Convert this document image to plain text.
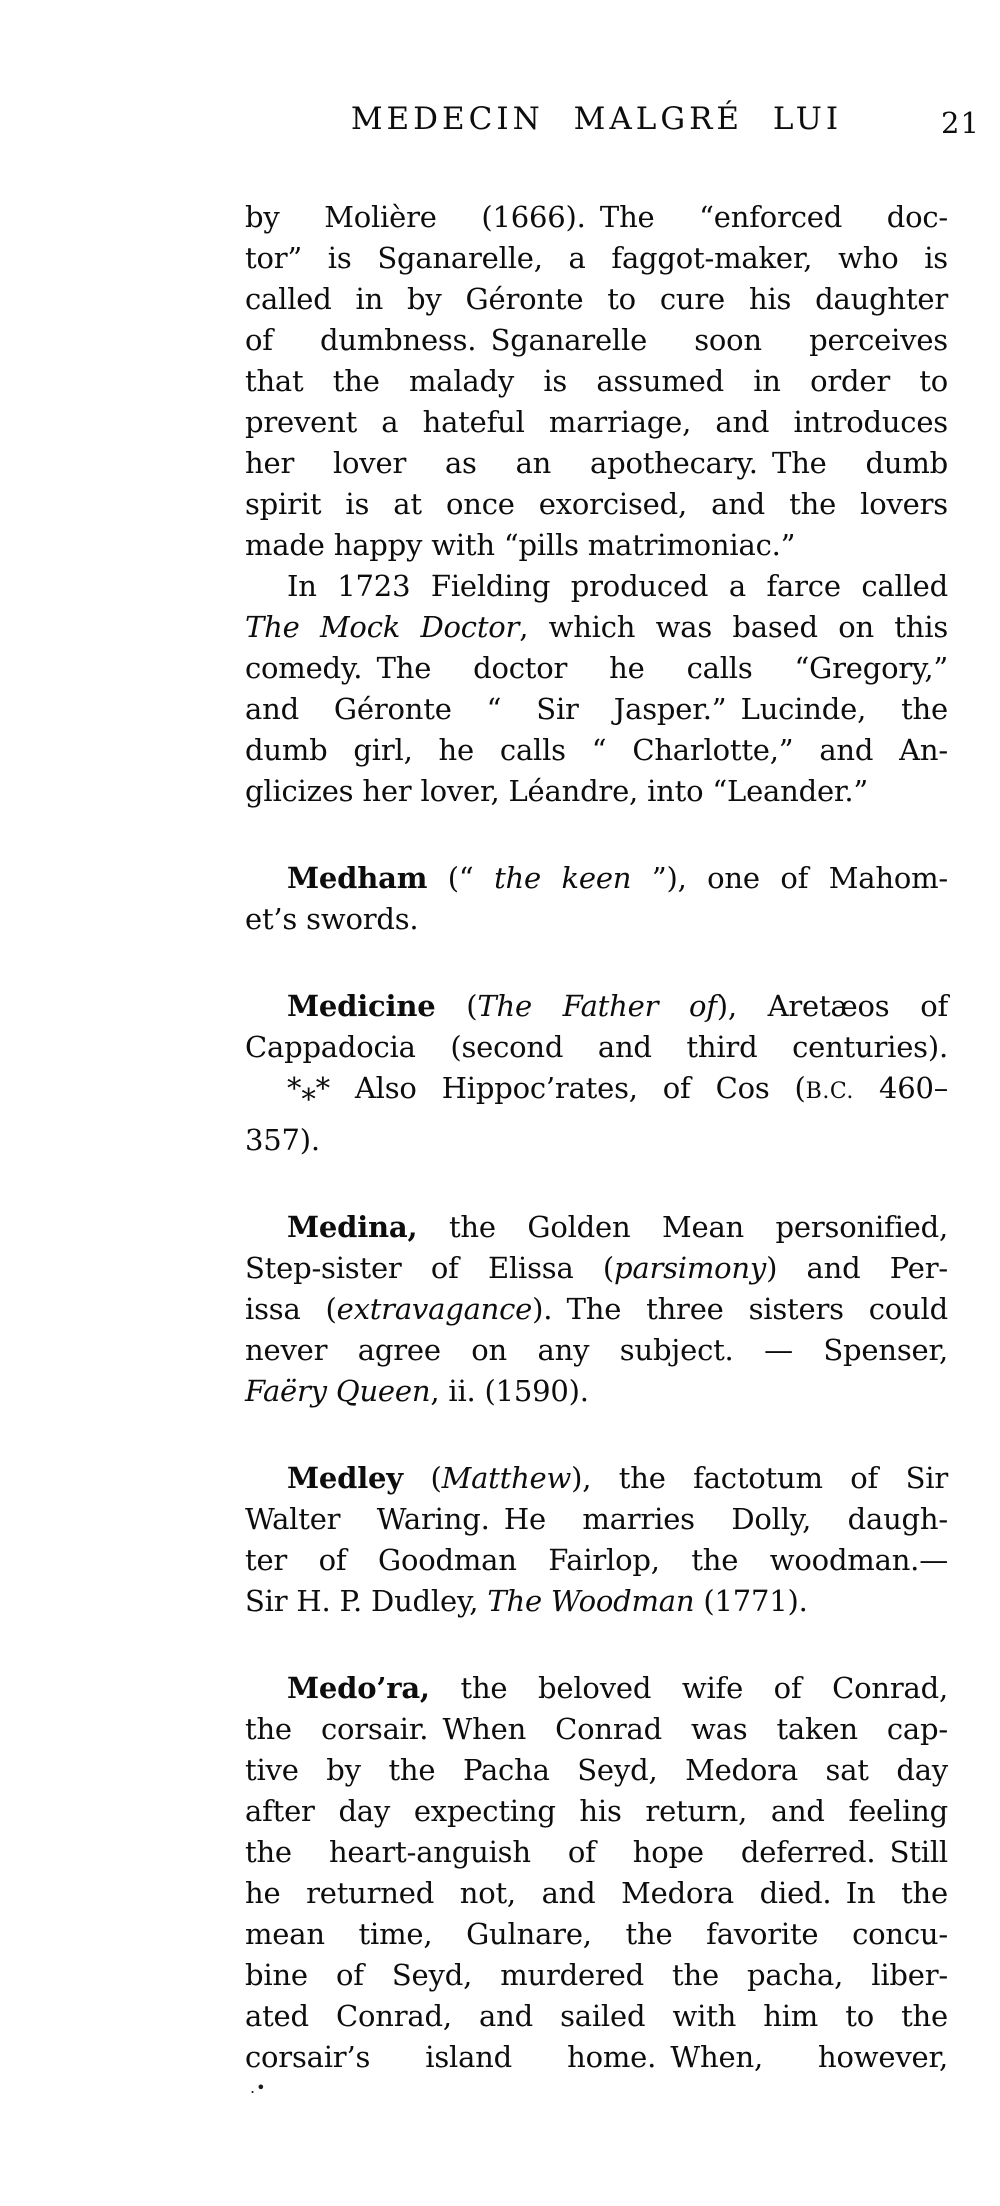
MEDECIN MALGRÉ LUI	21
by Molière (1666). The “enforced doc-
tor” is Sganarelle, a faggot-maker, who is
called in by Géronte to cure his daughter
of dumbness. Sganarelle soon perceives
that the malady is assumed in order to
prevent a hateful marriage, and introduces
her lover as an apothecary. The dumb
spirit is at once exorcised, and the lovers
made happy with “pills matrimoniac.”
In 1723 Fielding produced a farce called
The Mock Doctor, which was based on this
comedy. The doctor he calls “Gregory,”
and Géronte “ Sir Jasper.” Lucinde, the
dumb girl, he calls “ Charlotte,” and An-
glicizes her lover, Léandre, into “Leander.”
Medham (“ the keen ”), one of Mahom-
et’s swords.
Medicine (The Father of), Aretæos of
Cappadocia (second and third centuries).
*** Also Hippoc’rates, of Cos (B.C. 460–
357).
Medina, the Golden Mean personified,
Step-sister of Elissa (parsimony) and Per-
issa (extravagance). The three sisters could
never agree on any subject. — Spenser,
Faëry Queen, ii. (1590).
Medley (Matthew), the factotum of Sir
Walter Waring. He marries Dolly, daugh-
ter of Goodman Fairlop, the woodman.—
Sir H. P. Dudley, The Woodman (1771).
Medo’ra, the beloved wife of Conrad,
the corsair. When Conrad was taken cap-
tive by the Pacha Seyd, Medora sat day
after day expecting his return, and feeling
the heart-anguish of hope deferred. Still
he returned not, and Medora died. In the
mean time, Gulnare, the favorite concu-
bine of Seyd, murdered the pacha, liber-
ated Conrad, and sailed with him to the
corsair’s island home. When, however,
.•
